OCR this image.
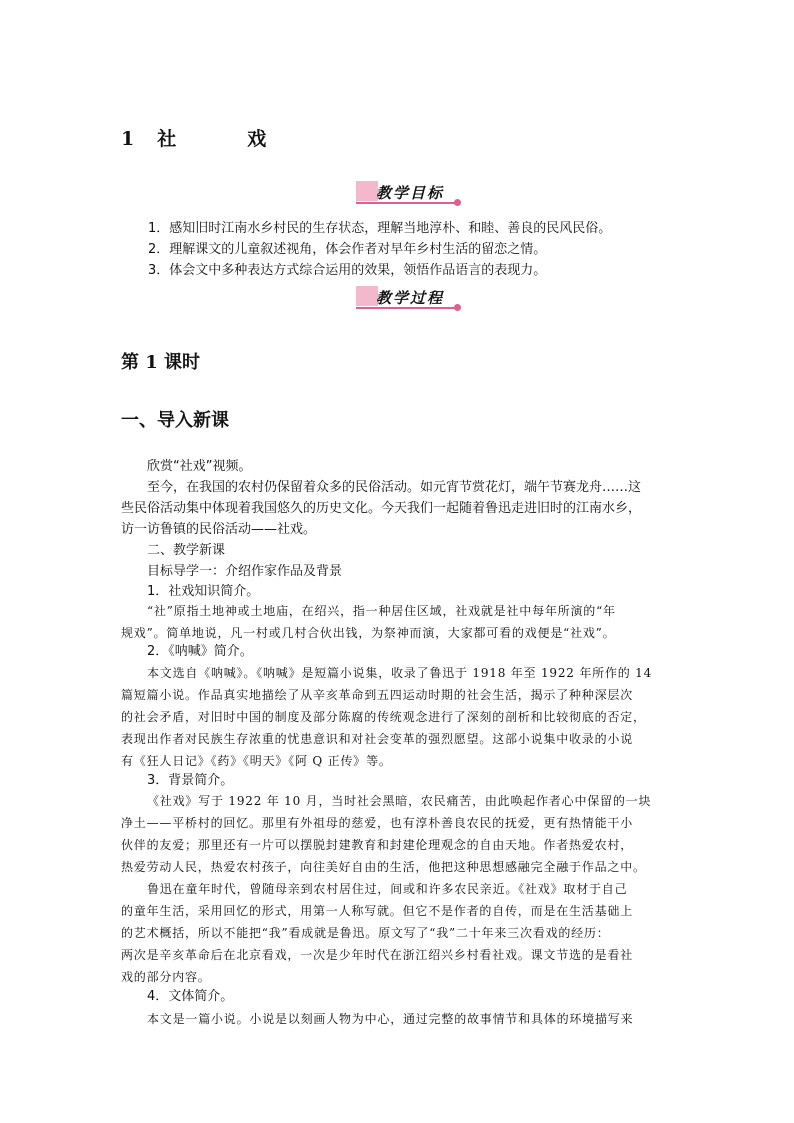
1 社　戏
教学目标
1．感知旧时江南水乡村民的生存状态，理解当地淳朴、和睦、善良的民风民俗。
2．理解课文的儿童叙述视角，体会作者对早年乡村生活的留恋之情。
3．体会文中多种表达方式综合运用的效果，领悟作品语言的表现力。
教学过程
第 1 课时
一、导入新课
欣赏“社戏”视频。
至今，在我国的农村仍保留着众多的民俗活动。如元宵节赏花灯，端午节赛龙舟……这
些民俗活动集中体现着我国悠久的历史文化。今天我们一起随着鲁迅走进旧时的江南水乡，
访一访鲁镇的民俗活动——社戏。
二、教学新课
目标导学一：介绍作家作品及背景
1．社戏知识简介。
“社”原指土地神或土地庙，在绍兴，指一种居住区域，社戏就是社中每年所演的“年
规戏”。简单地说，凡一村或几村合伙出钱，为祭神而演，大家都可看的戏便是“社戏”。
2．《呐喊》简介。
本文选自《呐喊》。《呐喊》是短篇小说集，收录了鲁迅于 1918 年至 1922 年所作的 14
篇短篇小说。作品真实地描绘了从辛亥革命到五四运动时期的社会生活，揭示了种种深层次
的社会矛盾，对旧时中国的制度及部分陈腐的传统观念进行了深刻的剖析和比较彻底的否定，
表现出作者对民族生存浓重的忧患意识和对社会变革的强烈愿望。这部小说集中收录的小说
有《狂人日记》《药》《明天》《阿 Q 正传》等。
3．背景简介。
《社戏》写于 1922 年 10 月，当时社会黑暗，农民痛苦，由此唤起作者心中保留的一块
净土——平桥村的回忆。那里有外祖母的慈爱，也有淳朴善良农民的抚爱，更有热情能干小
伙伴的友爱；那里还有一片可以摆脱封建教育和封建伦理观念的自由天地。作者热爱农村，
热爱劳动人民，热爱农村孩子，向往美好自由的生活，他把这种思想感融完全融于作品之中。
鲁迅在童年时代，曾随母亲到农村居住过，间或和许多农民亲近。《社戏》取材于自己
的童年生活，采用回忆的形式，用第一人称写就。但它不是作者的自传，而是在生活基础上
的艺术概括，所以不能把“我”看成就是鲁迅。原文写了“我”二十年来三次看戏的经历：
两次是辛亥革命后在北京看戏，一次是少年时代在浙江绍兴乡村看社戏。课文节选的是看社
戏的部分内容。
4．文体简介。
本文是一篇小说。小说是以刻画人物为中心，通过完整的故事情节和具体的环境描写来
